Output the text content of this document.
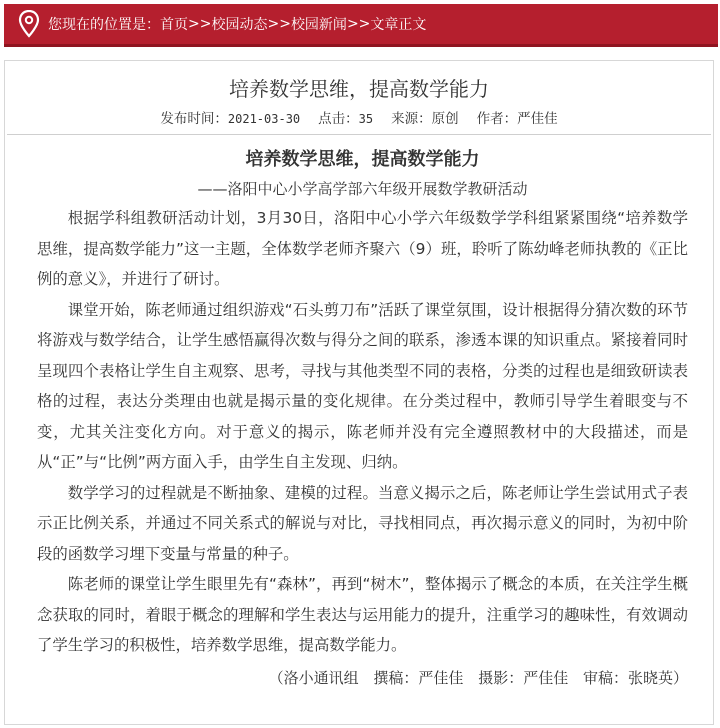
您现在的位置是： 首页 >> 校园动态 >> 校园新闻 >> 文章正文
培养数学思维，提高数学能力
发布时间：2021-03-30 点击：35 来源：原创 作者：严佳佳
培养数学思维，提高数学能力
——洛阳中心小学高学部六年级开展数学教研活动

根据学科组教研活动计划，3月30日，洛阳中心小学六年级数学学科组紧紧围绕“培养数学思维，提高数学能力”这一主题，全体数学老师齐聚六（9）班，聆听了陈幼峰老师执教的《正比例的意义》，并进行了研讨。

课堂开始，陈老师通过组织游戏“石头剪刀布”活跃了课堂氛围，设计根据得分猜次数的环节将游戏与数学结合，让学生感悟赢得次数与得分之间的联系，渗透本课的知识重点。紧接着同时呈现四个表格让学生自主观察、思考，寻找与其他类型不同的表格，分类的过程也是细致研读表格的过程，表达分类理由也就是揭示量的变化规律。在分类过程中，教师引导学生着眼变与不变，尤其关注变化方向。对于意义的揭示，陈老师并没有完全遵照教材中的大段描述，而是从“正”与“比例”两方面入手，由学生自主发现、归纳。

数学学习的过程就是不断抽象、建模的过程。当意义揭示之后，陈老师让学生尝试用式子表示正比例关系，并通过不同关系式的解说与对比，寻找相同点，再次揭示意义的同时，为初中阶段的函数学习埋下变量与常量的种子。

陈老师的课堂让学生眼里先有“森林”，再到“树木”，整体揭示了概念的本质，在关注学生概念获取的同时，着眼于概念的理解和学生表达与运用能力的提升，注重学习的趣味性，有效调动了学生学习的积极性，培养数学思维，提高数学能力。

（洛小通讯组 撰稿：严佳佳 摄影：严佳佳 审稿：张晓英）
